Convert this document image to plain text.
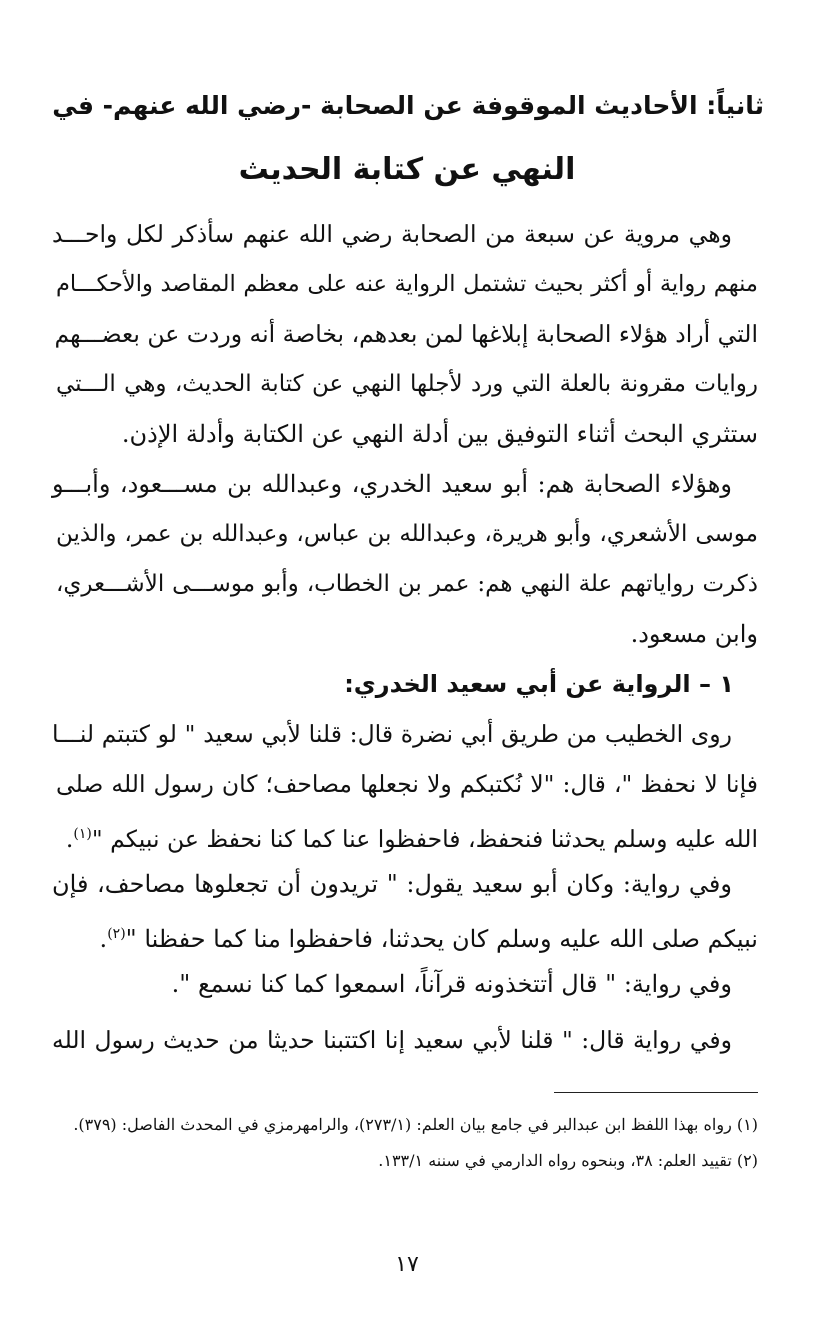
ثانياً: الأحاديث الموقوفة عن الصحابة -رضي الله عنهم- في
النهي عن كتابة الحديث
وهي مروية عن سبعة من الصحابة رضي الله عنهم سأذكر لكل واحـــد
منهم رواية أو أكثر بحيث تشتمل الرواية عنه على معظم المقاصد والأحكـــام
التي أراد هؤلاء الصحابة إبلاغها لمن بعدهم، بخاصة أنه وردت عن بعضـــهم
روايات مقرونة بالعلة التي ورد لأجلها النهي عن كتابة الحديث، وهي الـــتي
ستثري البحث أثناء التوفيق بين أدلة النهي عن الكتابة وأدلة الإذن.
وهؤلاء الصحابة هم: أبو سعيد الخدري، وعبدالله بن مســـعود، وأبـــو
موسى الأشعري، وأبو هريرة، وعبدالله بن عباس، وعبدالله بن عمر، والذين
ذكرت رواياتهم علة النهي هم: عمر بن الخطاب، وأبو موســـى الأشـــعري،
وابن مسعود.
١ – الرواية عن أبي سعيد الخدري:
روى الخطيب من طريق أبي نضرة قال: قلنا لأبي سعيد " لو كتبتم لنـــا
فإنا لا نحفظ "، قال: "لا نُكتبكم ولا نجعلها مصاحف؛ كان رسول الله صلى
الله عليه وسلم يحدثنا فنحفظ، فاحفظوا عنا كما كنا نحفظ عن نبيكم "$^{(١)}$.
وفي رواية: وكان أبو سعيد يقول: " تريدون أن تجعلوها مصاحف، فإن
نبيكم صلى الله عليه وسلم كان يحدثنا، فاحفظوا منا كما حفظنا "$^{(٢)}$.
وفي رواية: " قال أتتخذونه قرآناً، اسمعوا كما كنا نسمع ".
وفي رواية قال: " قلنا لأبي سعيد إنا اكتتبنا حديثا من حديث رسول الله
(١) رواه بهذا اللفظ ابن عبدالبر في جامع بيان العلم: (٢٧٣/١)، والرامهرمزي في المحدث الفاصل: (٣٧٩).
(٢) تقييد العلم: ٣٨، وبنحوه رواه الدارمي في سننه ١٣٣/١.
١٧
